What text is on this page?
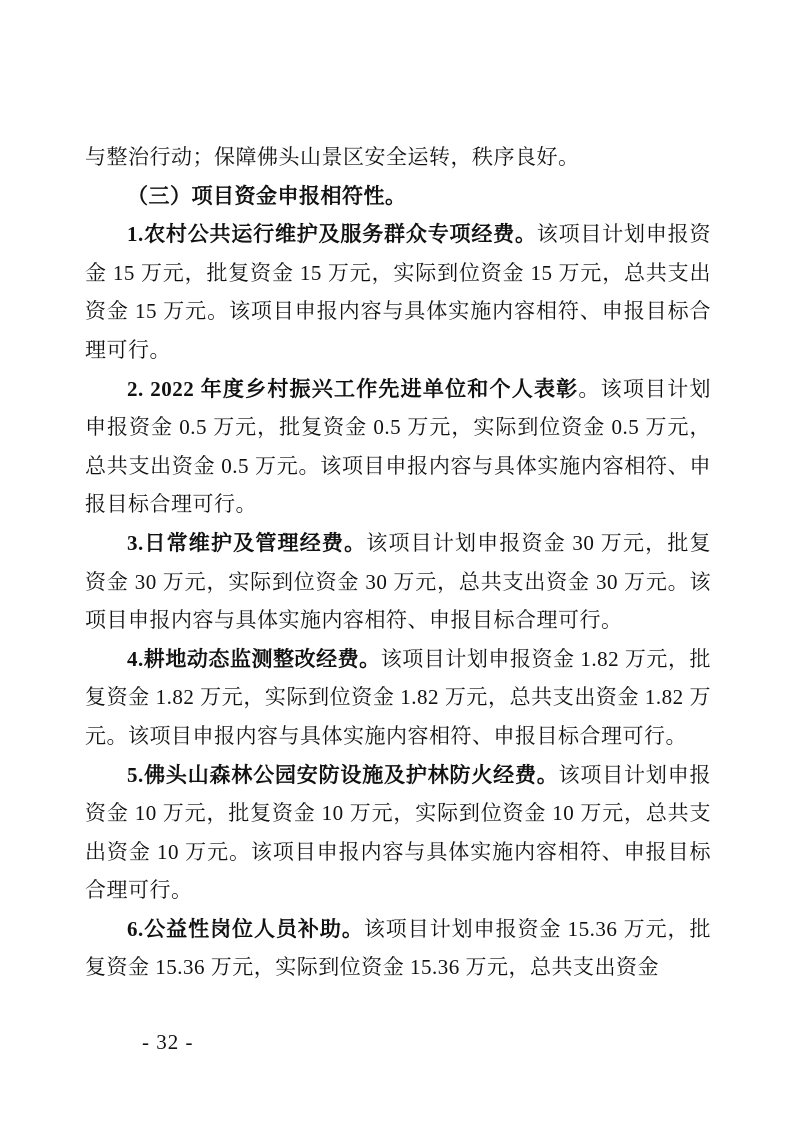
与整治行动；保障佛头山景区安全运转，秩序良好。

（三）项目资金申报相符性。

1.农村公共运行维护及服务群众专项经费。该项目计划申报资金 15 万元，批复资金 15 万元，实际到位资金 15 万元，总共支出资金 15 万元。该项目申报内容与具体实施内容相符、申报目标合理可行。

2. 2022 年度乡村振兴工作先进单位和个人表彰。该项目计划申报资金 0.5 万元，批复资金 0.5 万元，实际到位资金 0.5 万元，总共支出资金 0.5 万元。该项目申报内容与具体实施内容相符、申报目标合理可行。

3.日常维护及管理经费。该项目计划申报资金 30 万元，批复资金 30 万元，实际到位资金 30 万元，总共支出资金 30 万元。该项目申报内容与具体实施内容相符、申报目标合理可行。

4.耕地动态监测整改经费。该项目计划申报资金 1.82 万元，批复资金 1.82 万元，实际到位资金 1.82 万元，总共支出资金 1.82 万元。该项目申报内容与具体实施内容相符、申报目标合理可行。

5.佛头山森林公园安防设施及护林防火经费。该项目计划申报资金 10 万元，批复资金 10 万元，实际到位资金 10 万元，总共支出资金 10 万元。该项目申报内容与具体实施内容相符、申报目标合理可行。

6.公益性岗位人员补助。该项目计划申报资金 15.36 万元，批复资金 15.36 万元，实际到位资金 15.36 万元，总共支出资金

- 32 -
